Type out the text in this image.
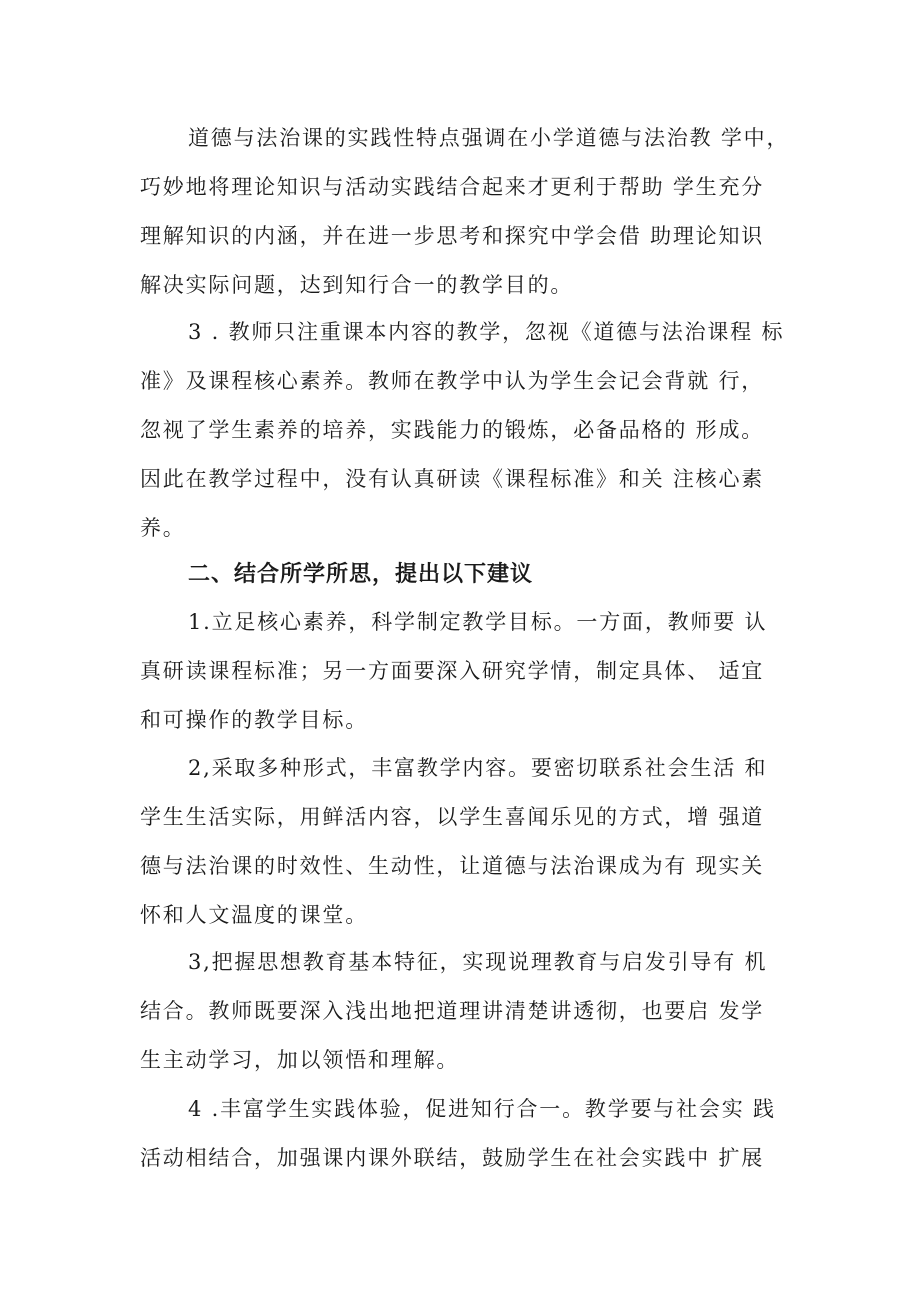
道德与法治课的实践性特点强调在小学道德与法治教 学中，
巧妙地将理论知识与活动实践结合起来才更利于帮助 学生充分
理解知识的内涵，并在进一步思考和探究中学会借 助理论知识
解决实际问题，达到知行合一的教学目的。
3 . 教师只注重课本内容的教学，忽视《道德与法治课程 标
准》及课程核心素养。教师在教学中认为学生会记会背就 行，
忽视了学生素养的培养，实践能力的锻炼，必备品格的 形成。
因此在教学过程中，没有认真研读《课程标准》和关 注核心素
养。
二、结合所学所思，提出以下建议
1.立足核心素养，科学制定教学目标。一方面，教师要 认
真研读课程标准；另一方面要深入研究学情，制定具体、 适宜
和可操作的教学目标。
2,采取多种形式，丰富教学内容。要密切联系社会生活 和
学生生活实际，用鲜活内容，以学生喜闻乐见的方式，增 强道
德与法治课的时效性、生动性，让道德与法治课成为有 现实关
怀和人文温度的课堂。
3,把握思想教育基本特征，实现说理教育与启发引导有 机
结合。教师既要深入浅出地把道理讲清楚讲透彻，也要启 发学
生主动学习，加以领悟和理解。
4 .丰富学生实践体验，促进知行合一。教学要与社会实 践
活动相结合，加强课内课外联结，鼓励学生在社会实践中 扩展
